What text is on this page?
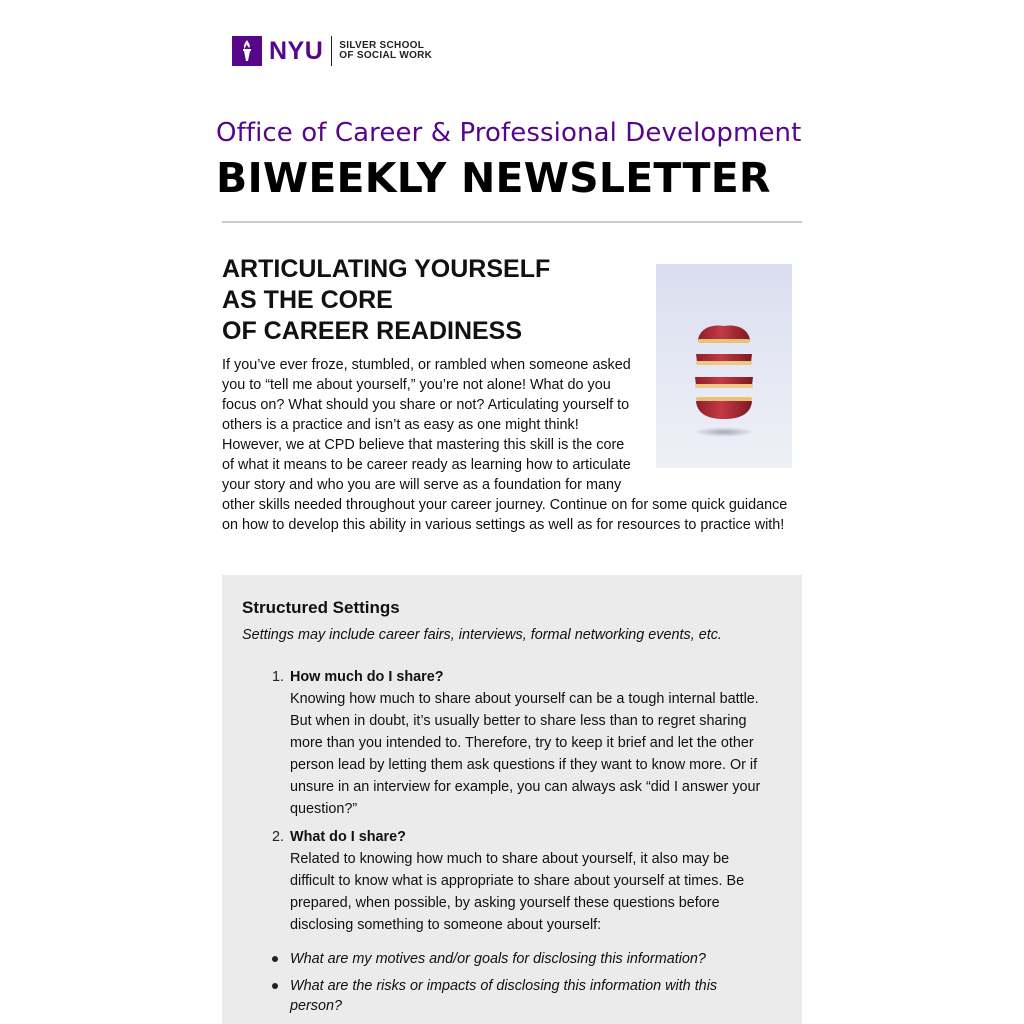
NYU SILVER SCHOOL
OF SOCIAL WORK
Office of Career & Professional Development
BIWEEKLY NEWSLETTER
ARTICULATING YOURSELF
AS THE CORE
OF CAREER READINESS
If you’ve ever froze, stumbled, or rambled when someone asked
you to “tell me about yourself,” you’re not alone! What do you
focus on? What should you share or not? Articulating yourself to
others is a practice and isn’t as easy as one might think!
However, we at CPD believe that mastering this skill is the core
of what it means to be career ready as learning how to articulate
your story and who you are will serve as a foundation for many
other skills needed throughout your career journey. Continue on for some quick guidance
on how to develop this ability in various settings as well as for resources to practice with!
Structured Settings
Settings may include career fairs, interviews, formal networking events, etc.
1. How much do I share?
Knowing how much to share about yourself can be a tough internal battle.
But when in doubt, it’s usually better to share less than to regret sharing
more than you intended to. Therefore, try to keep it brief and let the other
person lead by letting them ask questions if they want to know more. Or if
unsure in an interview for example, you can always ask “did I answer your
question?”
2. What do I share?
Related to knowing how much to share about yourself, it also may be
difficult to know what is appropriate to share about yourself at times. Be
prepared, when possible, by asking yourself these questions before
disclosing something to someone about yourself:
What are my motives and/or goals for disclosing this information?
What are the risks or impacts of disclosing this information with this
person?
